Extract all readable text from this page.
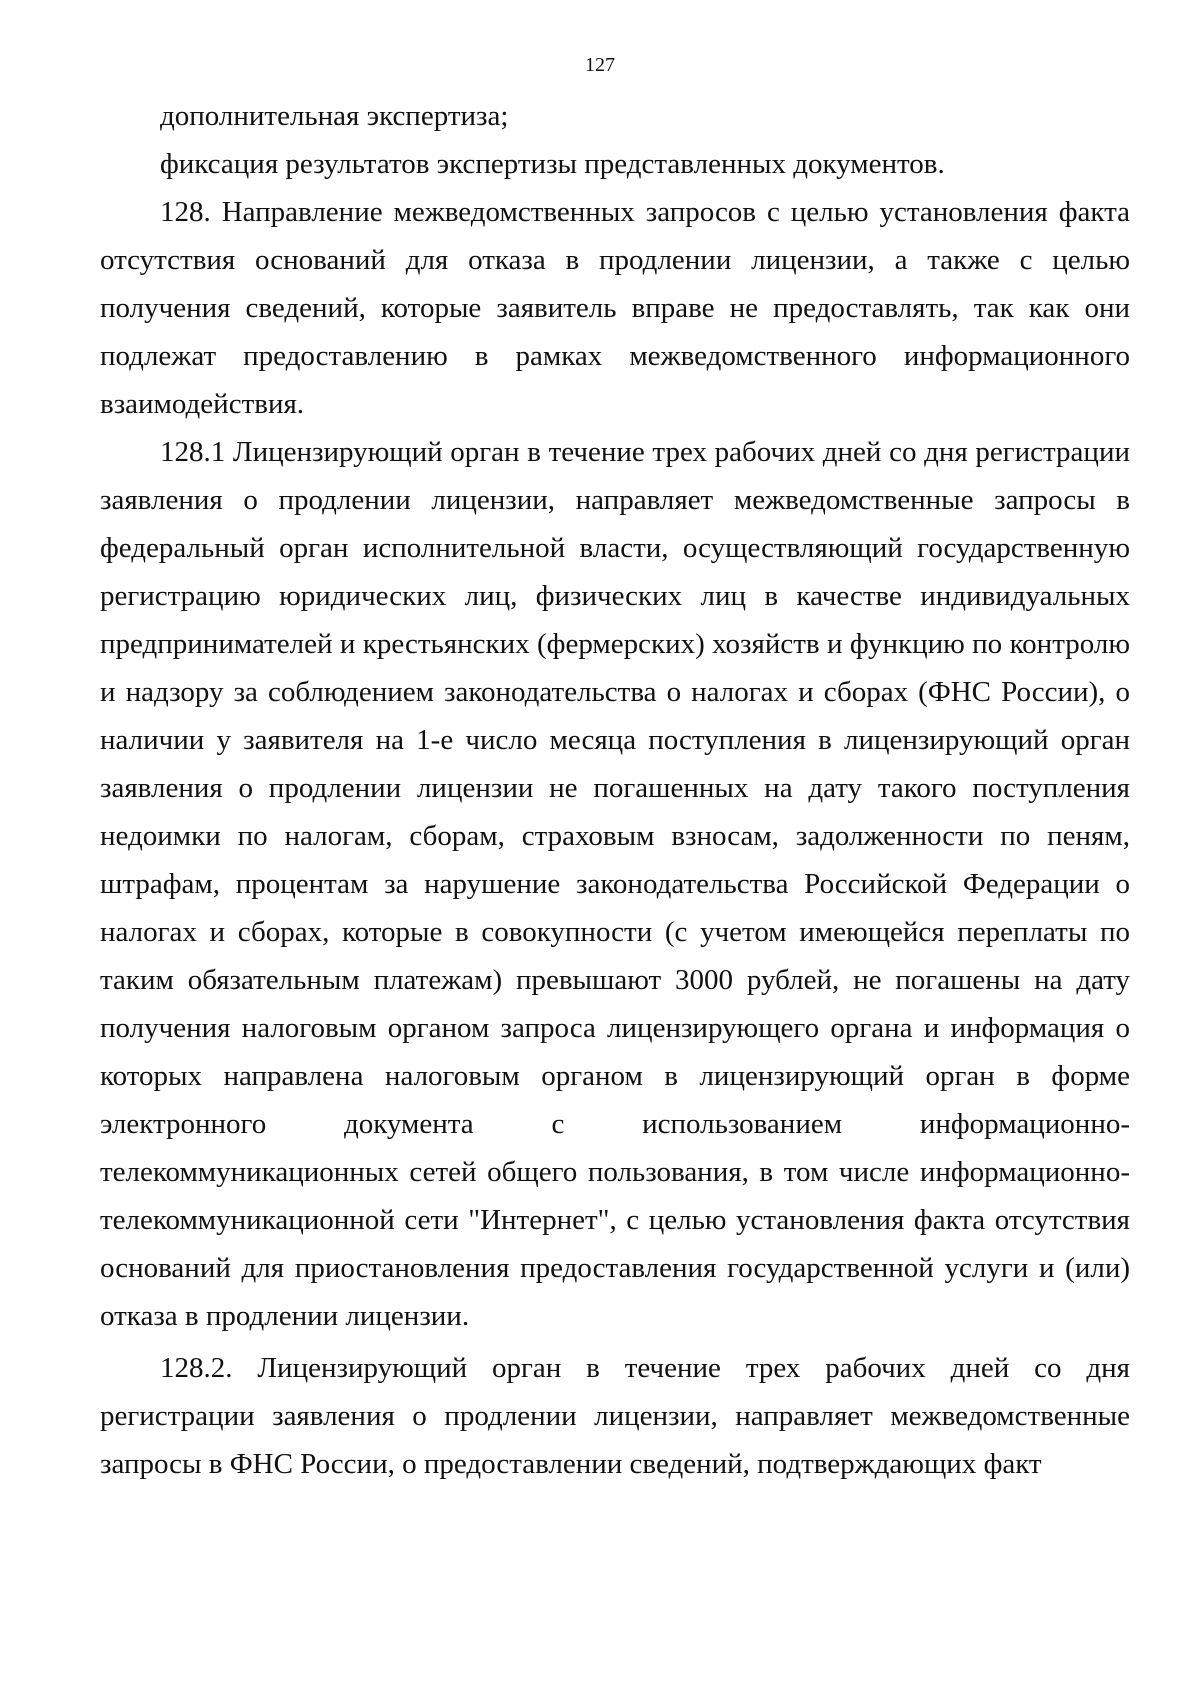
127

дополнительная экспертиза;

фиксация результатов экспертизы представленных документов.

128. Направление межведомственных запросов с целью установления факта отсутствия оснований для отказа в продлении лицензии, а также с целью получения сведений, которые заявитель вправе не предоставлять, так как они подлежат предоставлению в рамках межведомственного информационного взаимодействия.

128.1 Лицензирующий орган в течение трех рабочих дней со дня регистрации заявления о продлении лицензии, направляет межведомственные запросы в федеральный орган исполнительной власти, осуществляющий государственную регистрацию юридических лиц, физических лиц в качестве индивидуальных предпринимателей и крестьянских (фермерских) хозяйств и функцию по контролю и надзору за соблюдением законодательства о налогах и сборах (ФНС России), о наличии у заявителя на 1-е число месяца поступления в лицензирующий орган заявления о продлении лицензии не погашенных на дату такого поступления недоимки по налогам, сборам, страховым взносам, задолженности по пеням, штрафам, процентам за нарушение законодательства Российской Федерации о налогах и сборах, которые в совокупности (с учетом имеющейся переплаты по таким обязательным платежам) превышают 3000 рублей, не погашены на дату получения налоговым органом запроса лицензирующего органа и информация о которых направлена налоговым органом в лицензирующий орган в форме электронного документа с использованием информационно-телекоммуникационных сетей общего пользования, в том числе информационно-телекоммуникационной сети "Интернет", с целью установления факта отсутствия оснований для приостановления предоставления государственной услуги и (или) отказа в продлении лицензии.

128.2. Лицензирующий орган в течение трех рабочих дней со дня регистрации заявления о продлении лицензии, направляет межведомственные запросы в ФНС России, о предоставлении сведений, подтверждающих факт
